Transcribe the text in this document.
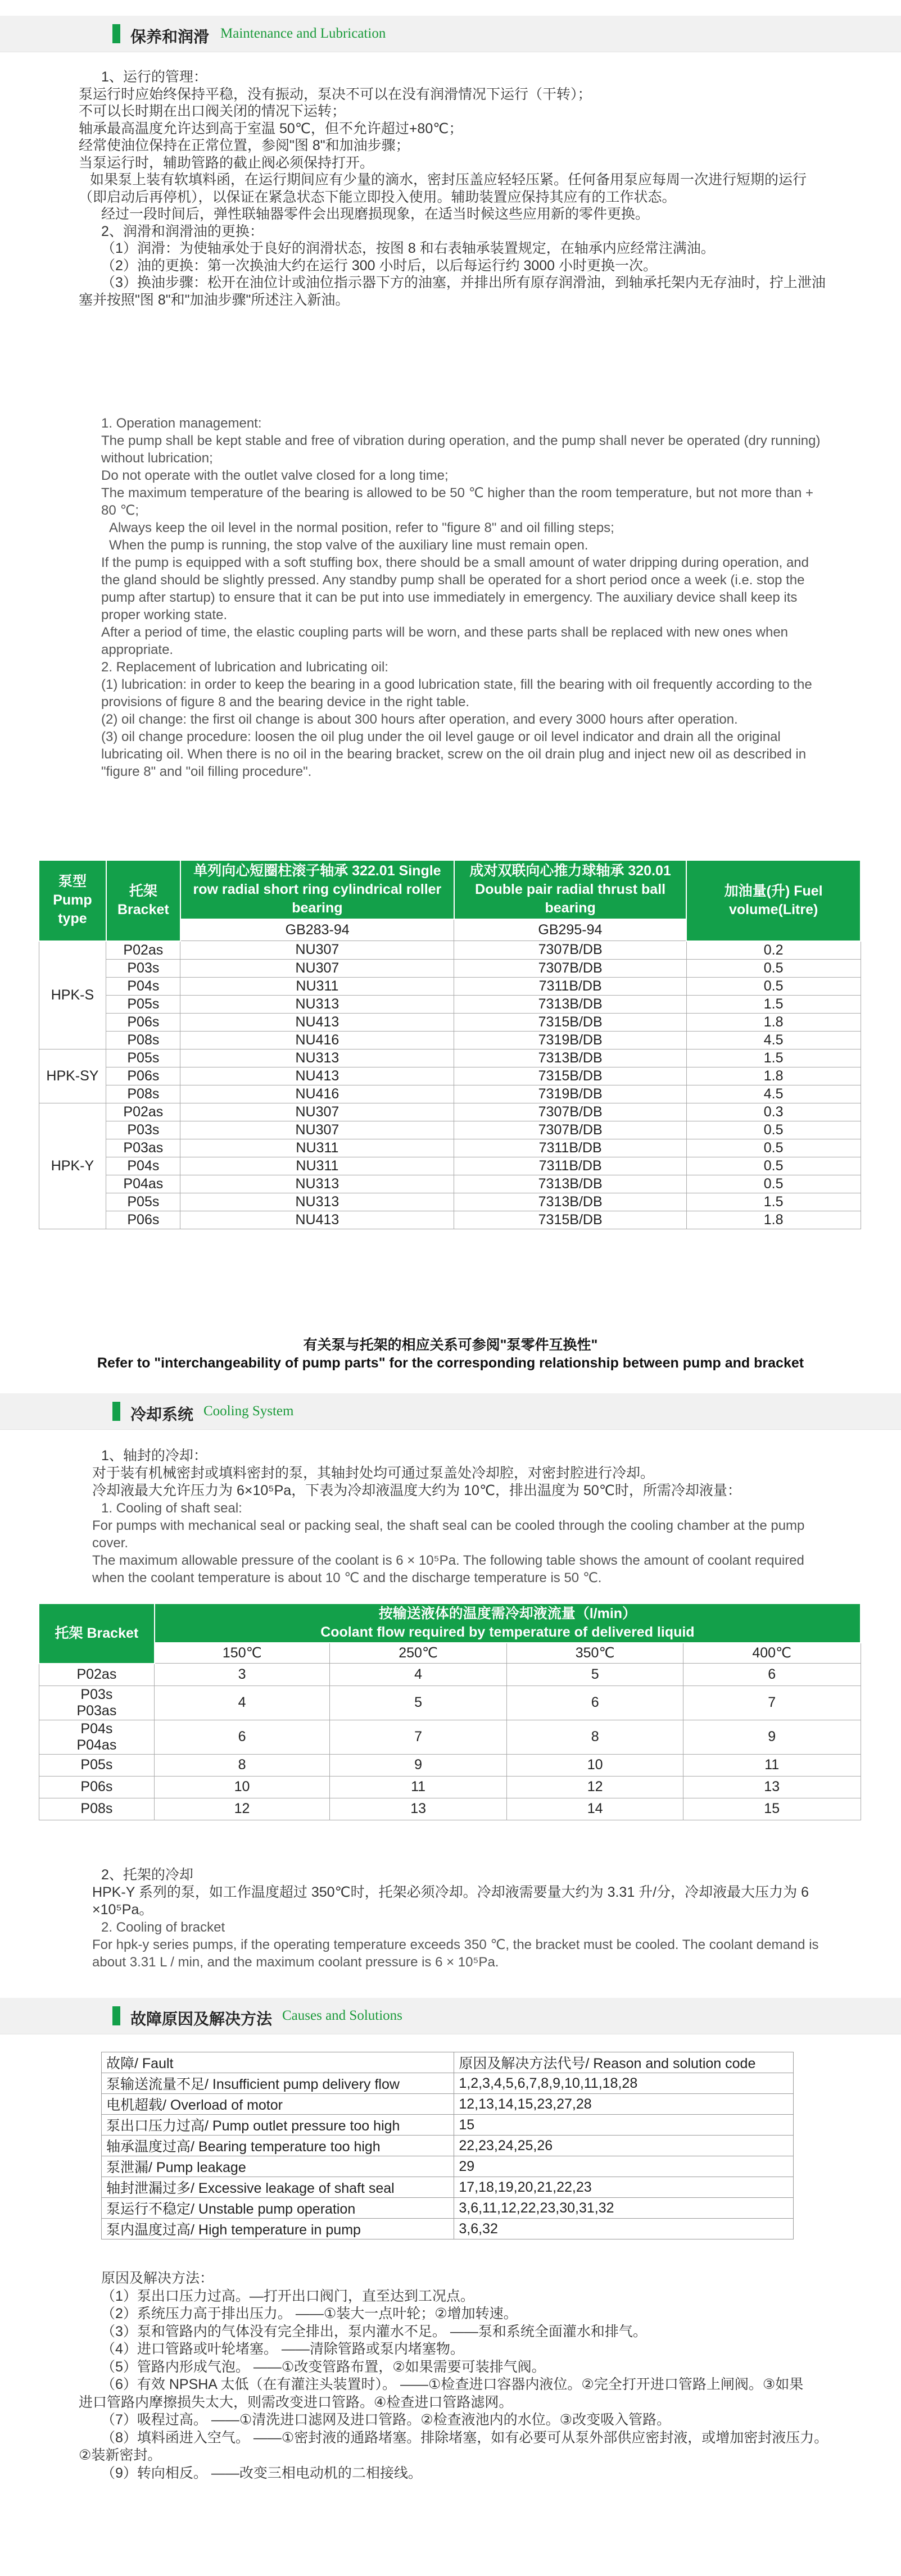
保养和润滑 Maintenance and Lubrication

1、运行的管理：

泵运行时应始终保持平稳，没有振动，泵决不可以在没有润滑情况下运行（干转）；

不可以长时期在出口阀关闭的情况下运转；

轴承最高温度允许达到高于室温 50℃，但不允许超过+80℃；

经常使油位保持在正常位置，参阅"图 8"和加油步骤；

当泵运行时，辅助管路的截止阀必须保持打开。

如果泵上装有软填料函，在运行期间应有少量的滴水，密封压盖应轻轻压紧。任何备用泵应每周一次进行短期的运行

（即启动后再停机），以保证在紧急状态下能立即投入使用。辅助装置应保持其应有的工作状态。

经过一段时间后，弹性联轴器零件会出现磨损现象，在适当时候这些应用新的零件更换。

2、润滑和润滑油的更换：

（1）润滑：为使轴承处于良好的润滑状态，按图 8 和右表轴承装置规定，在轴承内应经常注满油。

（2）油的更换：第一次换油大约在运行 300 小时后，以后每运行约 3000 小时更换一次。

（3）换油步骤：松开在油位计或油位指示器下方的油塞，并排出所有原存润滑油，到轴承托架内无存油时，拧上泄油

塞并按照"图 8"和"加油步骤"所述注入新油。

1. Operation management:

The pump shall be kept stable and free of vibration during operation, and the pump shall never be operated (dry running) without lubrication;

Do not operate with the outlet valve closed for a long time;

The maximum temperature of the bearing is allowed to be 50 ℃ higher than the room temperature, but not more than + 80 ℃;

Always keep the oil level in the normal position, refer to "figure 8" and oil filling steps;

When the pump is running, the stop valve of the auxiliary line must remain open.

If the pump is equipped with a soft stuffing box, there should be a small amount of water dripping during operation, and the gland should be slightly pressed. Any standby pump shall be operated for a short period once a week (i.e. stop the pump after startup) to ensure that it can be put into use immediately in emergency. The auxiliary device shall keep its proper working state.

After a period of time, the elastic coupling parts will be worn, and these parts shall be replaced with new ones when appropriate.

2. Replacement of lubrication and lubricating oil:

(1) lubrication: in order to keep the bearing in a good lubrication state, fill the bearing with oil frequently according to the provisions of figure 8 and the bearing device in the right table.

(2) oil change: the first oil change is about 300 hours after operation, and every 3000 hours after operation.

(3) oil change procedure: loosen the oil plug under the oil level gauge or oil level indicator and drain all the original lubricating oil. When there is no oil in the bearing bracket, screw on the oil drain plug and inject new oil as described in "figure 8" and "oil filling procedure".

泵型 Pump type	托架 Bracket	单列向心短圈柱滚子轴承 322.01 Single row radial short ring cylindrical roller bearing	成对双联向心推力球轴承 320.01 Double pair radial thrust ball bearing	加油量(升) Fuel volume(Litre)
		GB283-94	GB295-94	
HPK-S	P02as	NU307	7307B/DB	0.2
	P03s	NU307	7307B/DB	0.5
	P04s	NU311	7311B/DB	0.5
	P05s	NU313	7313B/DB	1.5
	P06s	NU413	7315B/DB	1.8
	P08s	NU416	7319B/DB	4.5
HPK-SY	P05s	NU313	7313B/DB	1.5
	P06s	NU413	7315B/DB	1.8
	P08s	NU416	7319B/DB	4.5
HPK-Y	P02as	NU307	7307B/DB	0.3
	P03s	NU307	7307B/DB	0.5
	P03as	NU311	7311B/DB	0.5
	P04s	NU311	7311B/DB	0.5
	P04as	NU313	7313B/DB	0.5
	P05s	NU313	7313B/DB	1.5
	P06s	NU413	7315B/DB	1.8
有关泵与托架的相应关系可参阅"泵零件互换性"
Refer to "interchangeability of pump parts" for the corresponding relationship between pump and bracket
冷却系统 Cooling System

1、轴封的冷却：

对于装有机械密封或填料密封的泵，其轴封处均可通过泵盖处冷却腔，对密封腔进行冷却。

冷却液最大允许压力为 6×10⁵Pa，下表为冷却液温度大约为 10℃，排出温度为 50℃时，所需冷却液量：

1. Cooling of shaft seal:

For pumps with mechanical seal or packing seal, the shaft seal can be cooled through the cooling chamber at the pump cover.

The maximum allowable pressure of the coolant is 6 × 10⁵Pa. The following table shows the amount of coolant required when the coolant temperature is about 10 ℃ and the discharge temperature is 50 ℃.

托架 Bracket	按输送液体的温度需冷却液流量（l/min）
Coolant flow required by temperature of delivered liquid			

	150℃	250℃	350℃	400℃

P02as	3	4	5	6

P03s
P03as	4	5	6	7

P04s
P04as	6	7	8	9

P05s	8	9	10	11

P06s	10	11	12	13

P08s	12	13	14	15

2、托架的冷却

HPK-Y 系列的泵，如工作温度超过 350℃时，托架必须冷却。冷却液需要量大约为 3.31 升/分，冷却液最大压力为 6

×10⁵Pa。

2. Cooling of bracket

For hpk-y series pumps, if the operating temperature exceeds 350 ℃, the bracket must be cooled. The coolant demand is about 3.31 L / min, and the maximum coolant pressure is 6 × 10⁵Pa.

故障原因及解决方法 Causes and Solutions
故障/ Fault	原因及解决方法代号/ Reason and solution code
泵输送流量不足/ Insufficient pump delivery flow	1,2,3,4,5,6,7,8,9,10,11,18,28
电机超载/ Overload of motor	12,13,14,15,23,27,28
泵出口压力过高/ Pump outlet pressure too high	15
轴承温度过高/ Bearing temperature too high	22,23,24,25,26
泵泄漏/ Pump leakage	29
轴封泄漏过多/ Excessive leakage of shaft seal	17,18,19,20,21,22,23
泵运行不稳定/ Unstable pump operation	3,6,11,12,22,23,30,31,32
泵内温度过高/ High temperature in pump	3,6,32

原因及解决方法：

（1）泵出口压力过高。—打开出口阀门，直至达到工况点。

（2）系统压力高于排出压力。 ——①装大一点叶轮；②增加转速。

（3）泵和管路内的气体没有完全排出，泵内灌水不足。 ——泵和系统全面灌水和排气。

（4）进口管路或叶轮堵塞。 ——清除管路或泵内堵塞物。

（5）管路内形成气泡。 ——①改变管路布置，②如果需要可装排气阀。

（6）有效 NPSHA 太低（在有灌注头装置时）。 ——①检查进口容器内液位。②完全打开进口管路上闸阀。③如果

进口管路内摩擦损失太大，则需改变进口管路。④检查进口管路滤网。

（7）吸程过高。 ——①清洗进口滤网及进口管路。②检查液池内的水位。③改变吸入管路。

（8）填料函进入空气。 ——①密封液的通路堵塞。排除堵塞，如有必要可从泵外部供应密封液，或增加密封液压力。

②装新密封。

（9）转向相反。 ——改变三相电动机的二相接线。
